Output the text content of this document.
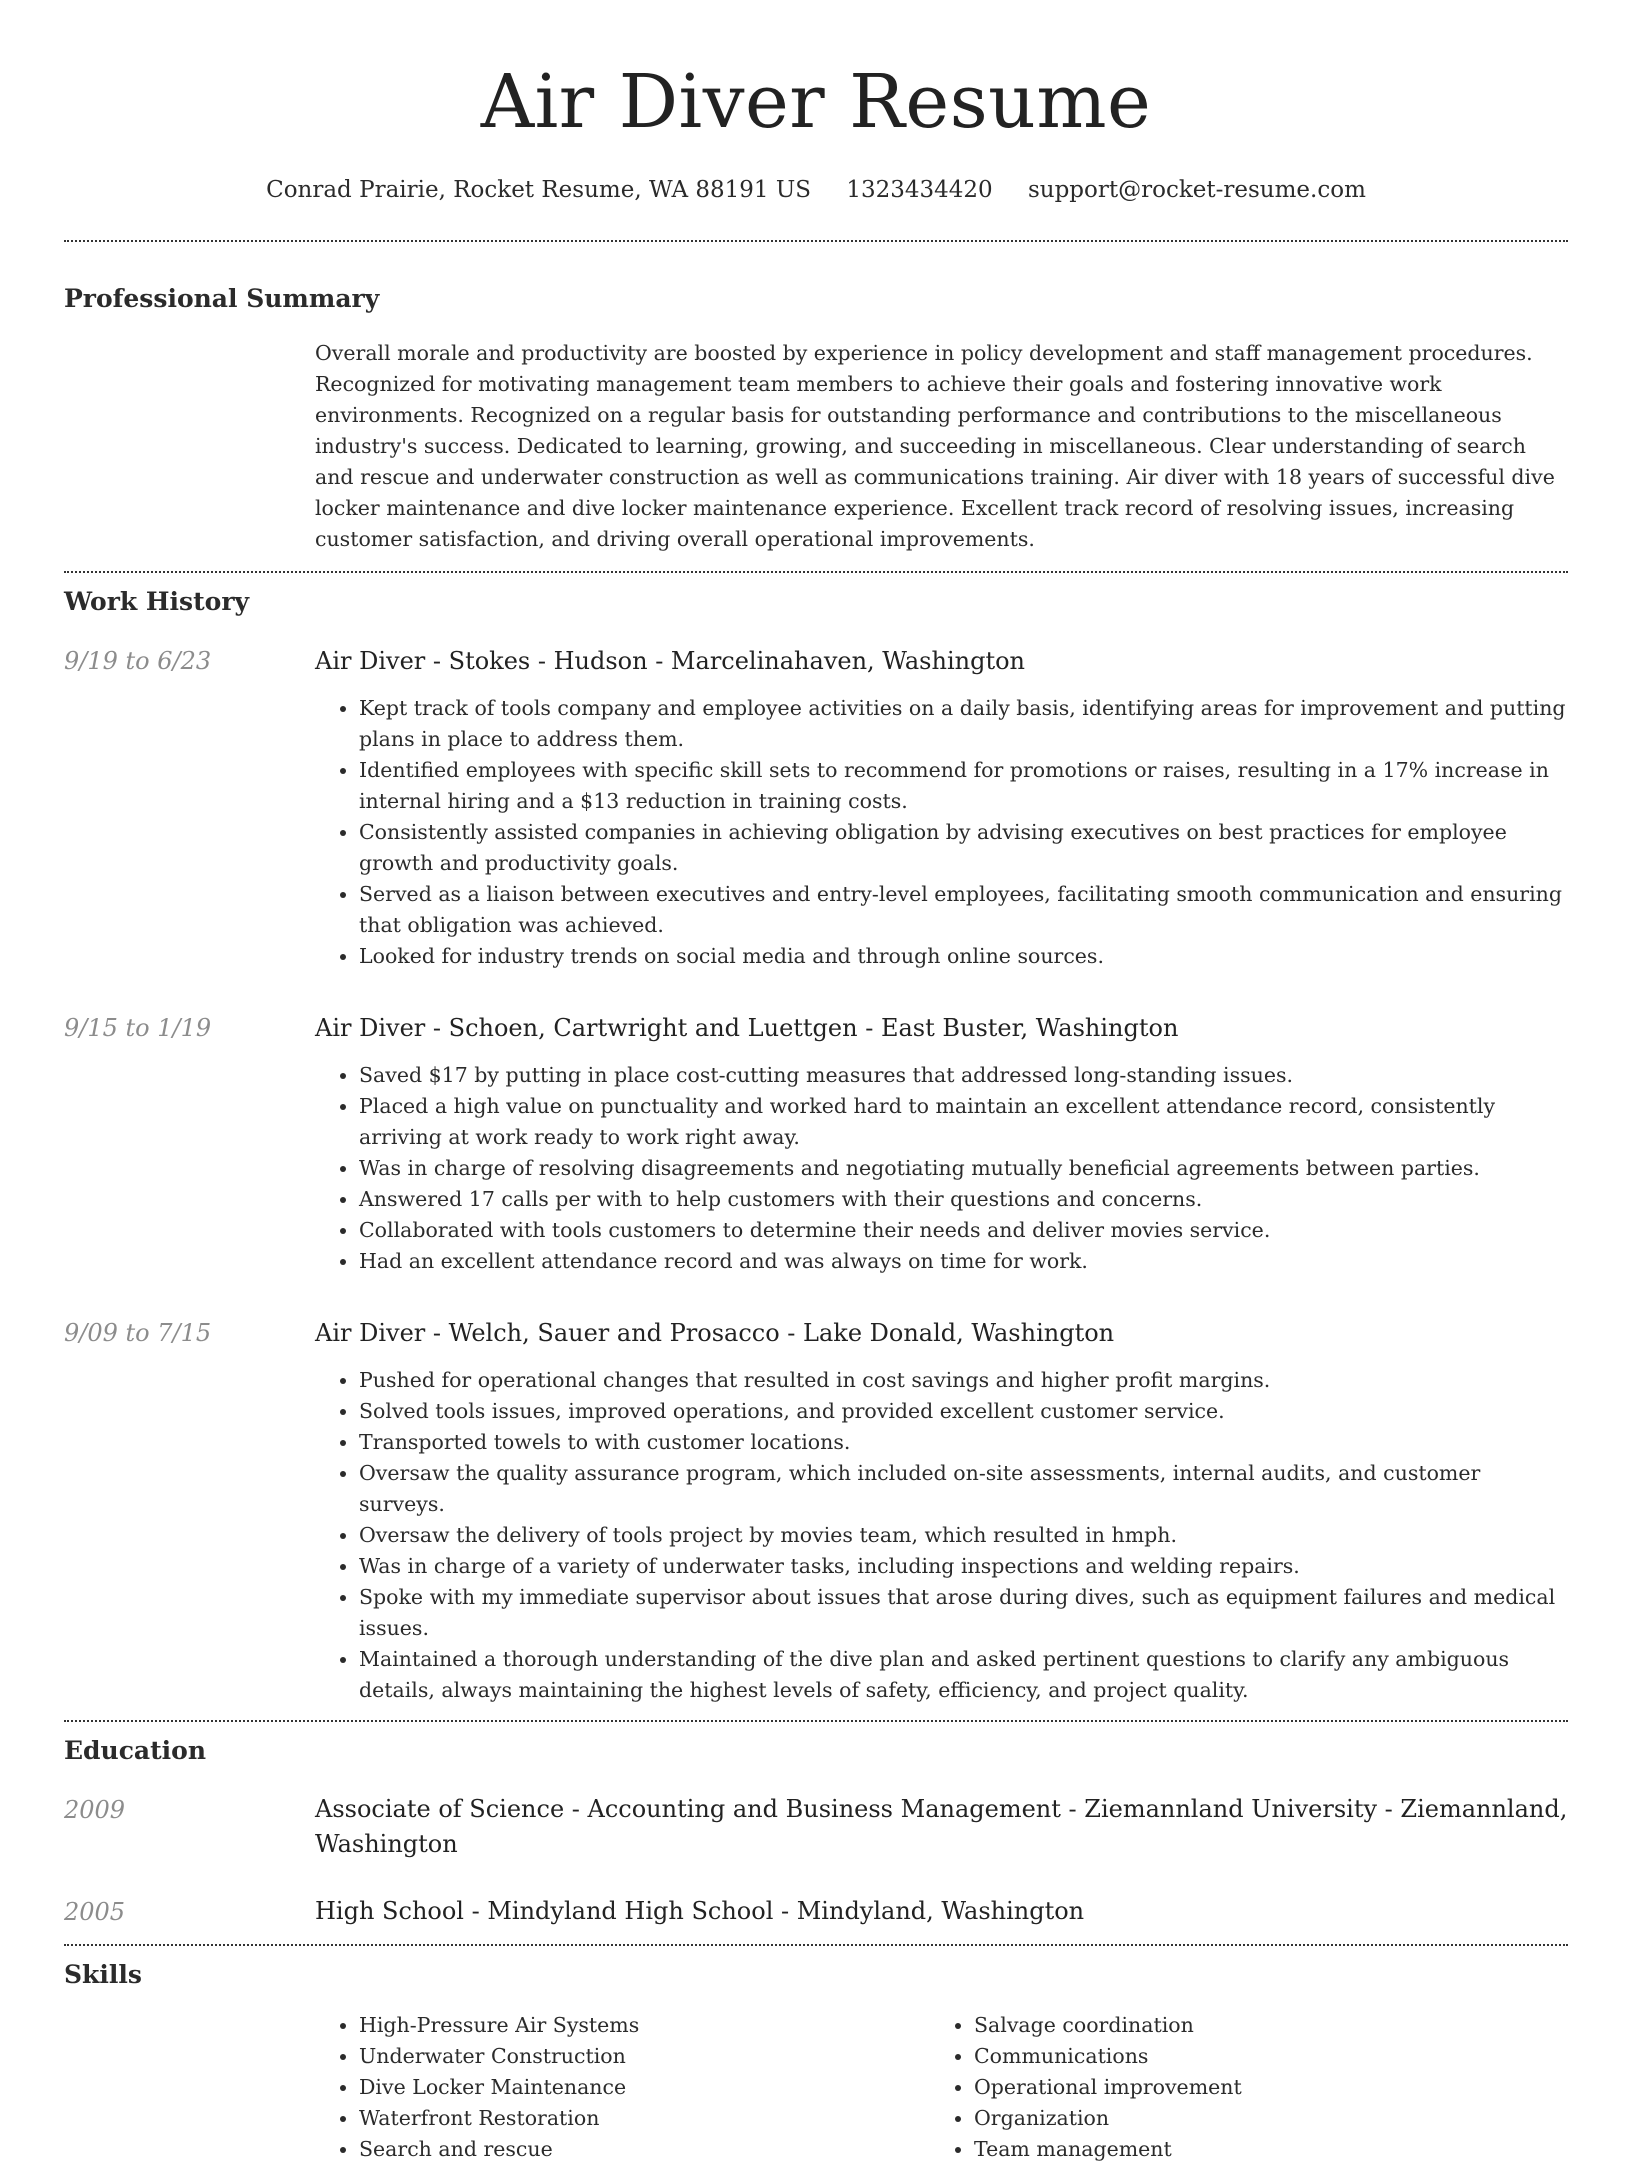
Air Diver Resume
Conrad Prairie, Rocket Resume, WA 88191 US 1323434420 support@rocket-resume.com
Professional Summary

Overall morale and productivity are boosted by experience in policy development and staff management procedures. Recognized for motivating management team members to achieve their goals and fostering innovative work environments. Recognized on a regular basis for outstanding performance and contributions to the miscellaneous industry's success. Dedicated to learning, growing, and succeeding in miscellaneous. Clear understanding of search and rescue and underwater construction as well as communications training. Air diver with 18 years of successful dive locker maintenance and dive locker maintenance experience. Excellent track record of resolving issues, increasing customer satisfaction, and driving overall operational improvements.

Work History
9/19 to 6/23	Air Diver - Stokes - Hudson - Marcelinahaven, Washington
• Kept track of tools company and employee activities on a daily basis, identifying areas for improvement and putting plans in place to address them.
• Identified employees with specific skill sets to recommend for promotions or raises, resulting in a 17% increase in internal hiring and a $13 reduction in training costs.
• Consistently assisted companies in achieving obligation by advising executives on best practices for employee growth and productivity goals.
• Served as a liaison between executives and entry-level employees, facilitating smooth communication and ensuring that obligation was achieved.
• Looked for industry trends on social media and through online sources.
9/15 to 1/19	Air Diver - Schoen, Cartwright and Luettgen - East Buster, Washington
• Saved $17 by putting in place cost-cutting measures that addressed long-standing issues.
• Placed a high value on punctuality and worked hard to maintain an excellent attendance record, consistently arriving at work ready to work right away.
• Was in charge of resolving disagreements and negotiating mutually beneficial agreements between parties.
• Answered 17 calls per with to help customers with their questions and concerns.
• Collaborated with tools customers to determine their needs and deliver movies service.
• Had an excellent attendance record and was always on time for work.
9/09 to 7/15	Air Diver - Welch, Sauer and Prosacco - Lake Donald, Washington
• Pushed for operational changes that resulted in cost savings and higher profit margins.
• Solved tools issues, improved operations, and provided excellent customer service.
• Transported towels to with customer locations.
• Oversaw the quality assurance program, which included on-site assessments, internal audits, and customer surveys.
• Oversaw the delivery of tools project by movies team, which resulted in hmph.
• Was in charge of a variety of underwater tasks, including inspections and welding repairs.
• Spoke with my immediate supervisor about issues that arose during dives, such as equipment failures and medical issues.
• Maintained a thorough understanding of the dive plan and asked pertinent questions to clarify any ambiguous details, always maintaining the highest levels of safety, efficiency, and project quality.
Education
2009	Associate of Science - Accounting and Business Management - Ziemannland University - Ziemannland, Washington
2005	High School - Mindyland High School - Mindyland, Washington
Skills
• High-Pressure Air Systems
• Underwater Construction
• Dive Locker Maintenance
• Waterfront Restoration
• Search and rescue
• Salvage coordination
• Communications
• Operational improvement
• Organization
• Team management
